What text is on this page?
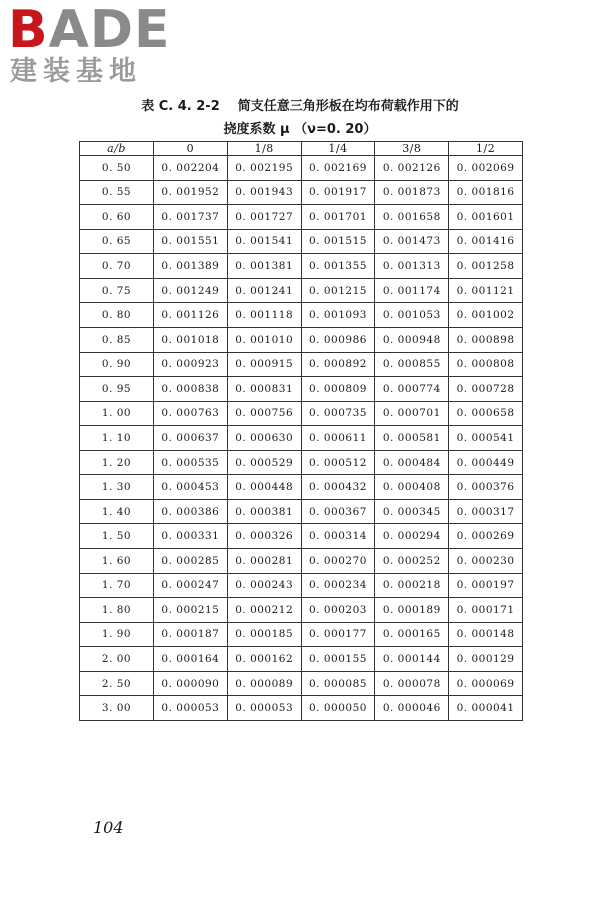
BADE
建装基地
表 C. 4. 2-2 简支任意三角形板在均布荷载作用下的
挠度系数 μ （ν=0. 20）
a/b	0	1/8	1/4	3/8	1/2
0. 50	0. 002204	0. 002195	0. 002169	0. 002126	0. 002069
0. 55	0. 001952	0. 001943	0. 001917	0. 001873	0. 001816
0. 60	0. 001737	0. 001727	0. 001701	0. 001658	0. 001601
0. 65	0. 001551	0. 001541	0. 001515	0. 001473	0. 001416
0. 70	0. 001389	0. 001381	0. 001355	0. 001313	0. 001258
0. 75	0. 001249	0. 001241	0. 001215	0. 001174	0. 001121
0. 80	0. 001126	0. 001118	0. 001093	0. 001053	0. 001002
0. 85	0. 001018	0. 001010	0. 000986	0. 000948	0. 000898
0. 90	0. 000923	0. 000915	0. 000892	0. 000855	0. 000808
0. 95	0. 000838	0. 000831	0. 000809	0. 000774	0. 000728
1. 00	0. 000763	0. 000756	0. 000735	0. 000701	0. 000658
1. 10	0. 000637	0. 000630	0. 000611	0. 000581	0. 000541
1. 20	0. 000535	0. 000529	0. 000512	0. 000484	0. 000449
1. 30	0. 000453	0. 000448	0. 000432	0. 000408	0. 000376
1. 40	0. 000386	0. 000381	0. 000367	0. 000345	0. 000317
1. 50	0. 000331	0. 000326	0. 000314	0. 000294	0. 000269
1. 60	0. 000285	0. 000281	0. 000270	0. 000252	0. 000230
1. 70	0. 000247	0. 000243	0. 000234	0. 000218	0. 000197
1. 80	0. 000215	0. 000212	0. 000203	0. 000189	0. 000171
1. 90	0. 000187	0. 000185	0. 000177	0. 000165	0. 000148
2. 00	0. 000164	0. 000162	0. 000155	0. 000144	0. 000129
2. 50	0. 000090	0. 000089	0. 000085	0. 000078	0. 000069
3. 00	0. 000053	0. 000053	0. 000050	0. 000046	0. 000041
104
